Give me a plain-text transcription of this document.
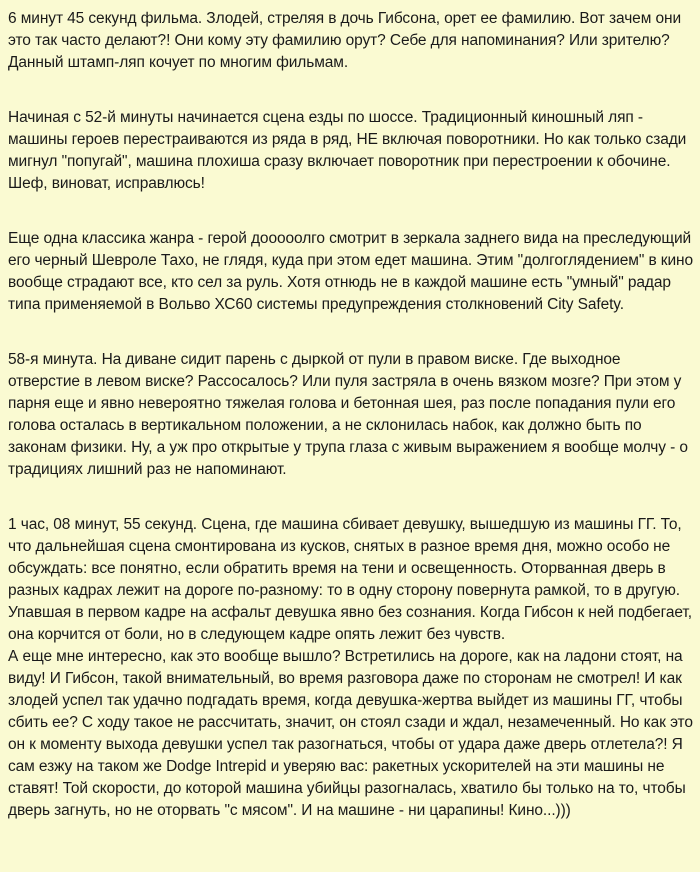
6 минут 45 секунд фильма. Злодей, стреляя в дочь Гибсона, орет ее фамилию. Вот зачем они это так часто делают?! Они кому эту фамилию орут? Себе для напоминания? Или зрителю? Данный штамп-ляп кочует по многим фильмам.

Начиная с 52-й минуты начинается сцена езды по шоссе. Традиционный киношный ляп - машины героев перестраиваются из ряда в ряд, НЕ включая поворотники. Но как только сзади мигнул "попугай", машина плохиша сразу включает поворотник при перестроении к обочине. Шеф, виноват, исправлюсь!

Еще одна классика жанра - герой дооооолго смотрит в зеркала заднего вида на преследующий его черный Шевроле Тахо, не глядя, куда при этом едет машина. Этим "долгоглядением" в кино вообще страдают все, кто сел за руль. Хотя отнюдь не в каждой машине есть "умный" радар типа применяемой в Вольво ХС60 системы предупреждения столкновений City Safety.

58-я минута. На диване сидит парень с дыркой от пули в правом виске. Где выходное отверстие в левом виске? Рассосалось? Или пуля застряла в очень вязком мозге? При этом у парня еще и явно невероятно тяжелая голова и бетонная шея, раз после попадания пули его голова осталась в вертикальном положении, а не склонилась набок, как должно быть по законам физики. Ну, а уж про открытые у трупа глаза с живым выражением я вообще молчу - о традициях лишний раз не напоминают.

1 час, 08 минут, 55 секунд. Сцена, где машина сбивает девушку, вышедшую из машины ГГ. То, что дальнейшая сцена смонтирована из кусков, снятых в разное время дня, можно особо не обсуждать: все понятно, если обратить время на тени и освещенность. Оторванная дверь в разных кадрах лежит на дороге по-разному: то в одну сторону повернута рамкой, то в другую. Упавшая в первом кадре на асфальт девушка явно без сознания. Когда Гибсон к ней подбегает, она корчится от боли, но в следующем кадре опять лежит без чувств.

А еще мне интересно, как это вообще вышло? Встретились на дороге, как на ладони стоят, на виду! И Гибсон, такой внимательный, во время разговора даже по сторонам не смотрел! И как злодей успел так удачно подгадать время, когда девушка-жертва выйдет из машины ГГ, чтобы сбить ее? С ходу такое не рассчитать, значит, он стоял сзади и ждал, незамеченный. Но как это он к моменту выхода девушки успел так разогнаться, чтобы от удара даже дверь отлетела?! Я сам езжу на таком же Dodge Intrepid и уверяю вас: ракетных ускорителей на эти машины не ставят! Той скорости, до которой машина убийцы разогналась, хватило бы только на то, чтобы дверь загнуть, но не оторвать "с мясом". И на машине - ни царапины! Кино...)))
